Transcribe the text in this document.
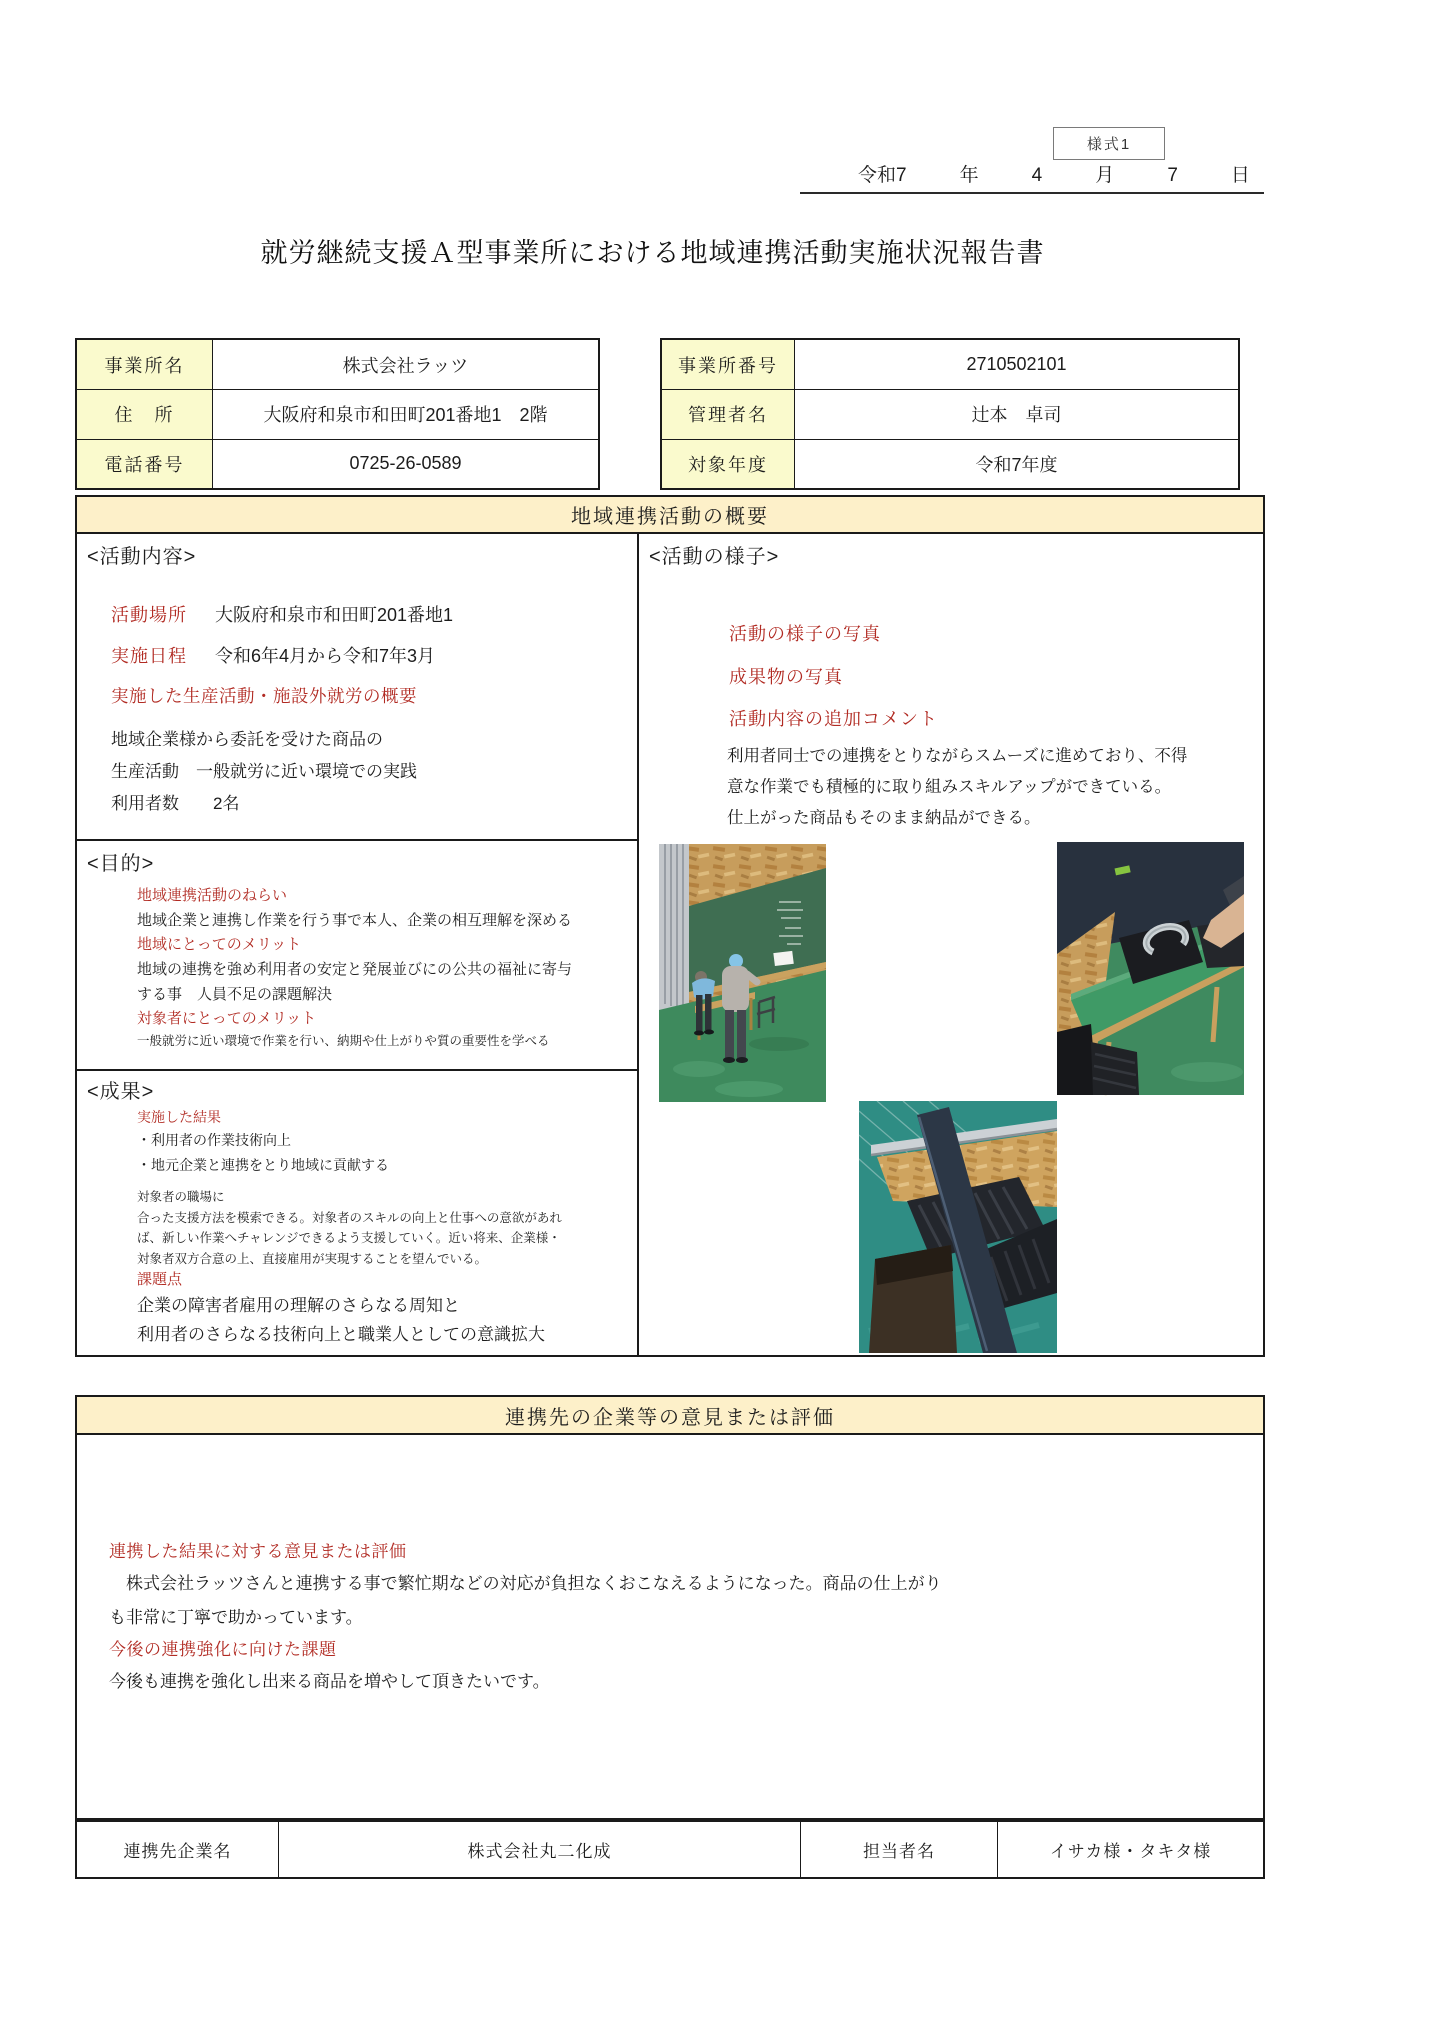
様式1
令和7	年	4	月	7	日
就労継続支援Ａ型事業所における地域連携活動実施状況報告書
事業所名	株式会社ラッツ
住　所	大阪府和泉市和田町201番地1　2階
電話番号	0725-26-0589
事業所番号	2710502101
管理者名	辻本　卓司
対象年度	令和7年度
地域連携活動の概要
<活動内容>
活動場所	大阪府和泉市和田町201番地1
実施日程	令和6年4月から令和7年3月
実施した生産活動・施設外就労の概要
地域企業様から委託を受けた商品の
生産活動　一般就労に近い環境での実践
利用者数　　2名
<目的>
地域連携活動のねらい
地域企業と連携し作業を行う事で本人、企業の相互理解を深める
地域にとってのメリット
地域の連携を強め利用者の安定と発展並びにの公共の福祉に寄与
する事　人員不足の課題解決
対象者にとってのメリット
一般就労に近い環境で作業を行い、納期や仕上がりや質の重要性を学べる
<成果>
実施した結果
・利用者の作業技術向上
・地元企業と連携をとり地域に貢献する
対象者の職場に
合った支援方法を模索できる。対象者のスキルの向上と仕事への意欲があれ
ば、新しい作業へチャレンジできるよう支援していく。近い将来、企業様・
対象者双方合意の上、直接雇用が実現することを望んでいる。
課題点
企業の障害者雇用の理解のさらなる周知と
利用者のさらなる技術向上と職業人としての意識拡大
<活動の様子>
活動の様子の写真
成果物の写真
活動内容の追加コメント
利用者同士での連携をとりながらスムーズに進めており、不得
意な作業でも積極的に取り組みスキルアップができている。
仕上がった商品もそのまま納品ができる。
連携先の企業等の意見または評価
連携した結果に対する意見または評価
　株式会社ラッツさんと連携する事で繁忙期などの対応が負担なくおこなえるようになった。商品の仕上がり
も非常に丁寧で助かっています。
今後の連携強化に向けた課題
今後も連携を強化し出来る商品を増やして頂きたいです。
連携先企業名	株式会社丸二化成	担当者名	イサカ様・タキタ様
